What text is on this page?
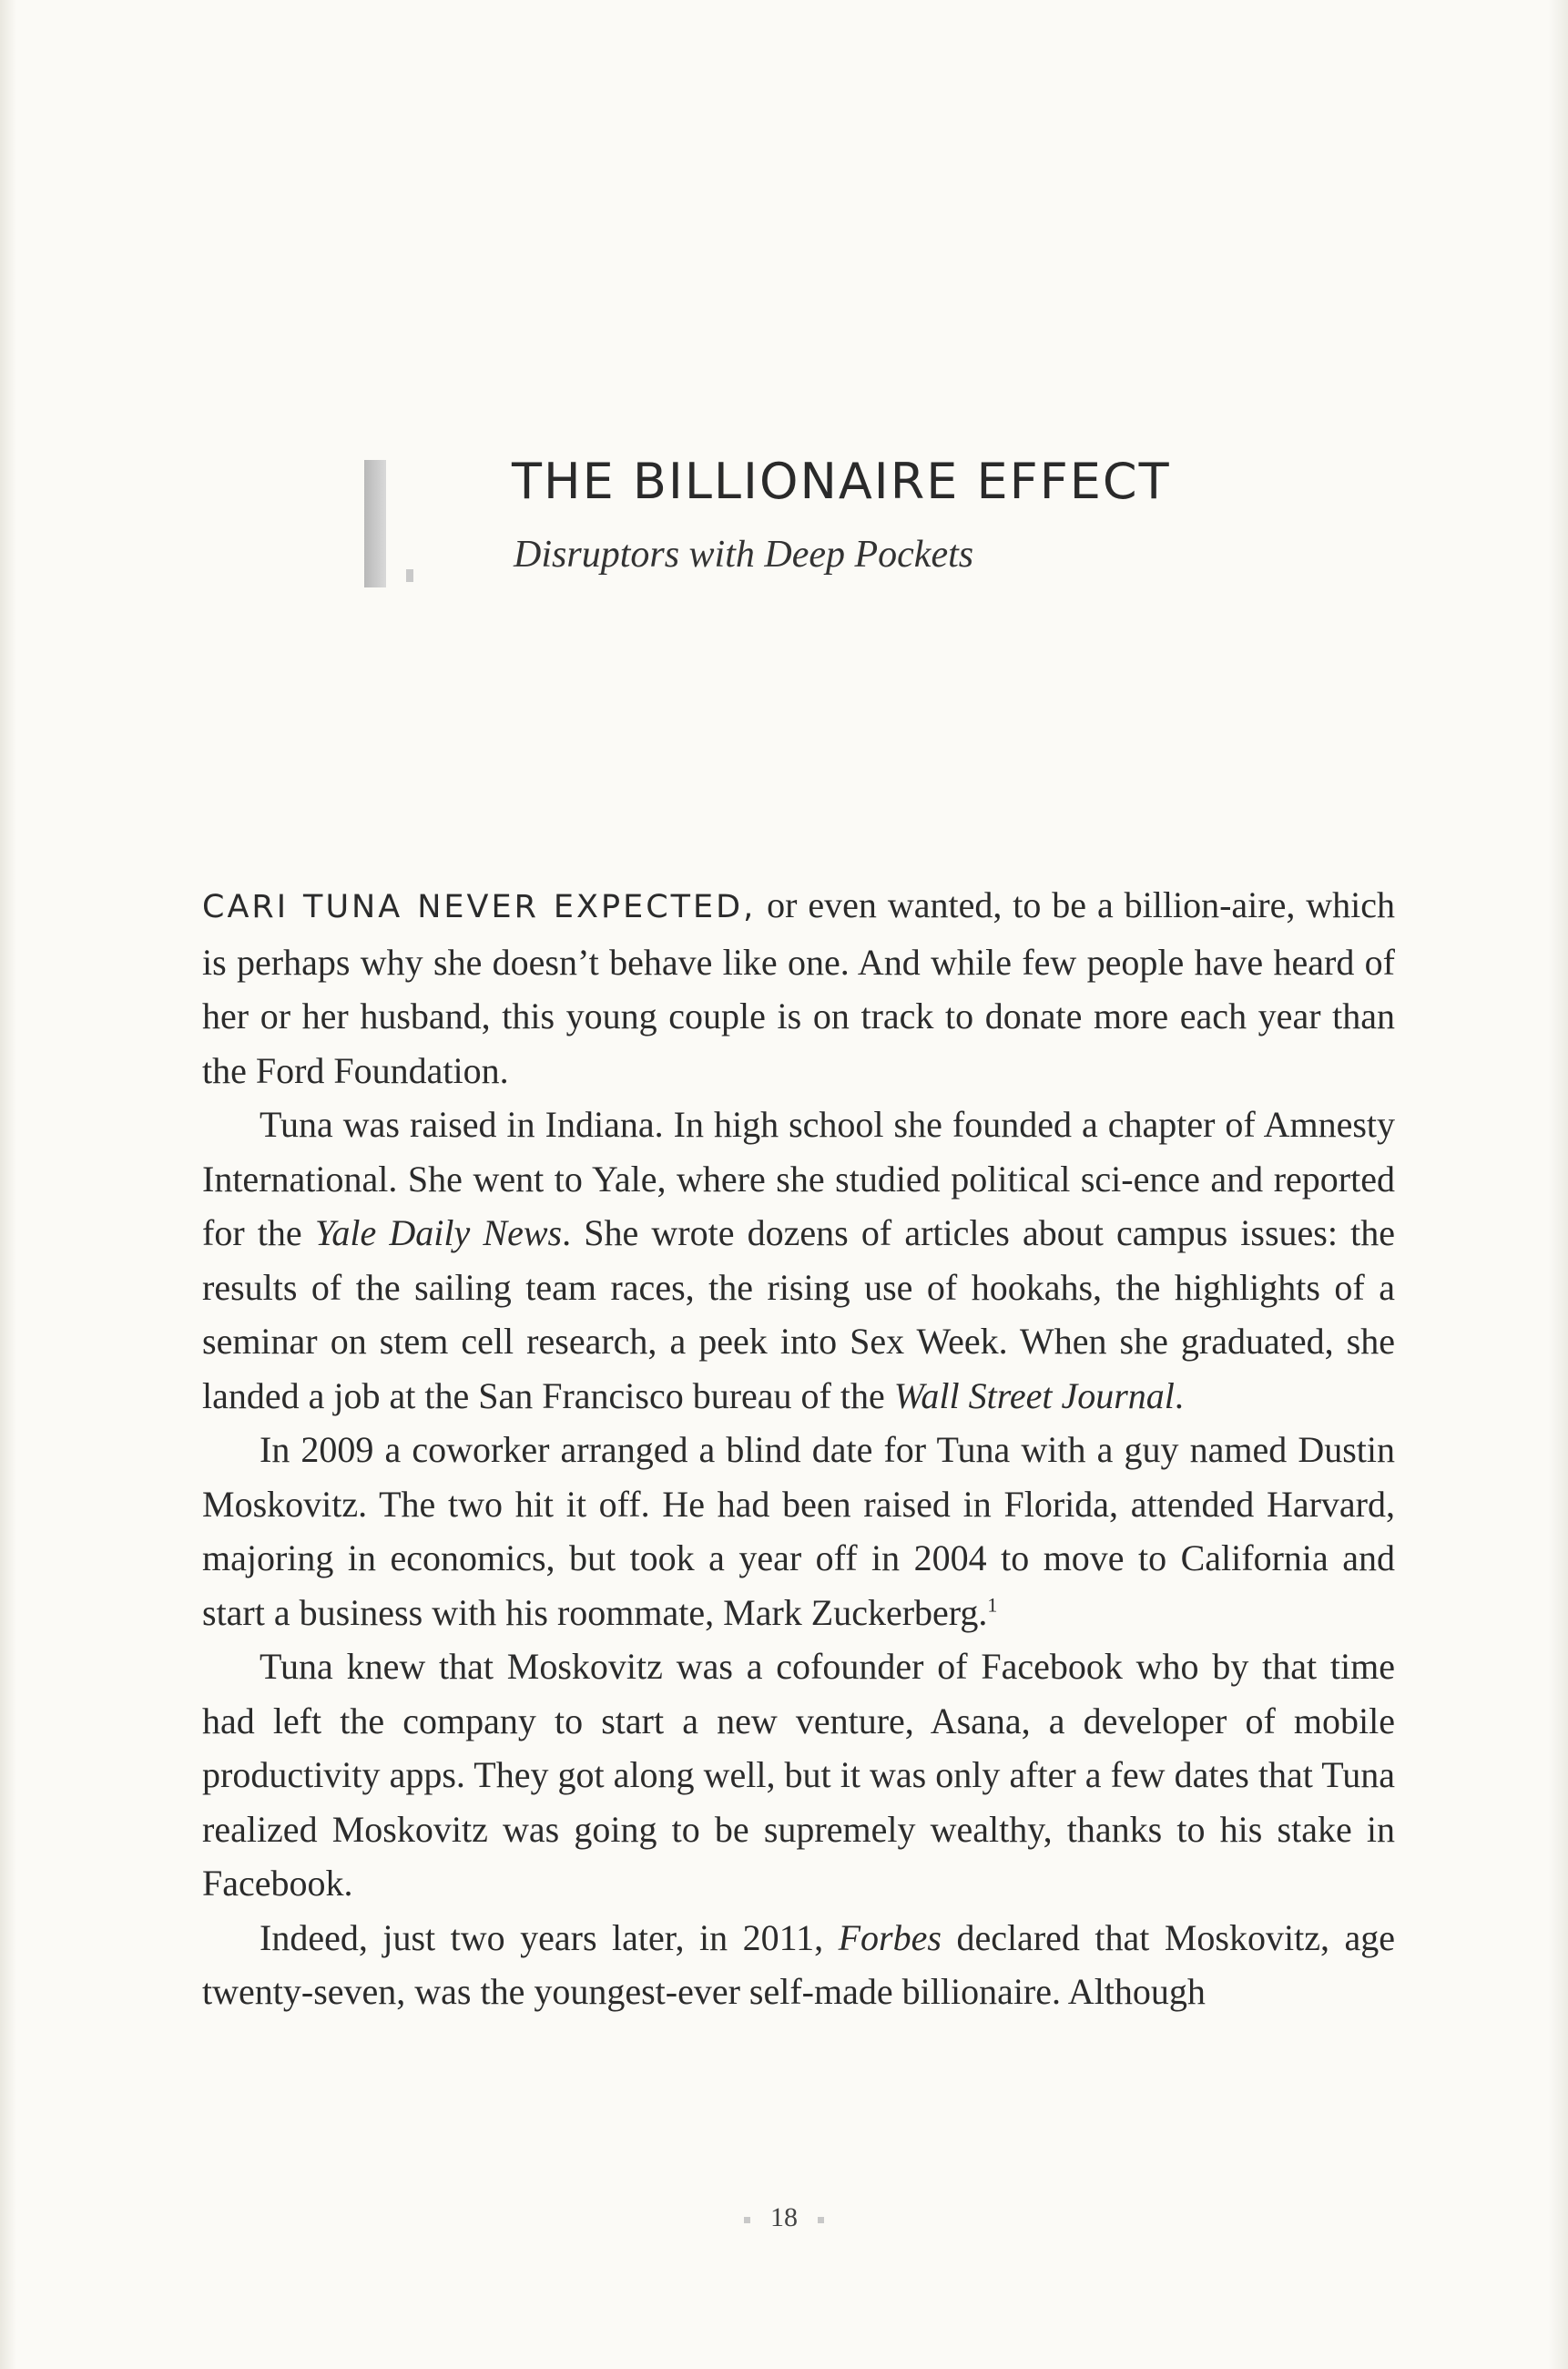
THE BILLIONAIRE EFFECT
Disruptors with Deep Pockets

CARI TUNA NEVER EXPECTED, or even wanted, to be a billion-aire, which is perhaps why she doesn’t behave like one. And while few people have heard of her or her husband, this young couple is on track to donate more each year than the Ford Foundation.

Tuna was raised in Indiana. In high school she founded a chapter of Amnesty International. She went to Yale, where she studied political sci-ence and reported for the Yale Daily News. She wrote dozens of articles about campus issues: the results of the sailing team races, the rising use of hookahs, the highlights of a seminar on stem cell research, a peek into Sex Week. When she graduated, she landed a job at the San Francisco bureau of the Wall Street Journal.

In 2009 a coworker arranged a blind date for Tuna with a guy named Dustin Moskovitz. The two hit it off. He had been raised in Florida, attended Harvard, majoring in economics, but took a year off in 2004 to move to California and start a business with his roommate, Mark Zuckerberg.$^1$

Tuna knew that Moskovitz was a cofounder of Facebook who by that time had left the company to start a new venture, Asana, a developer of mobile productivity apps. They got along well, but it was only after a few dates that Tuna realized Moskovitz was going to be supremely wealthy, thanks to his stake in Facebook.

Indeed, just two years later, in 2011, Forbes declared that Moskovitz, age twenty-seven, was the youngest-ever self-made billionaire. Although

18
